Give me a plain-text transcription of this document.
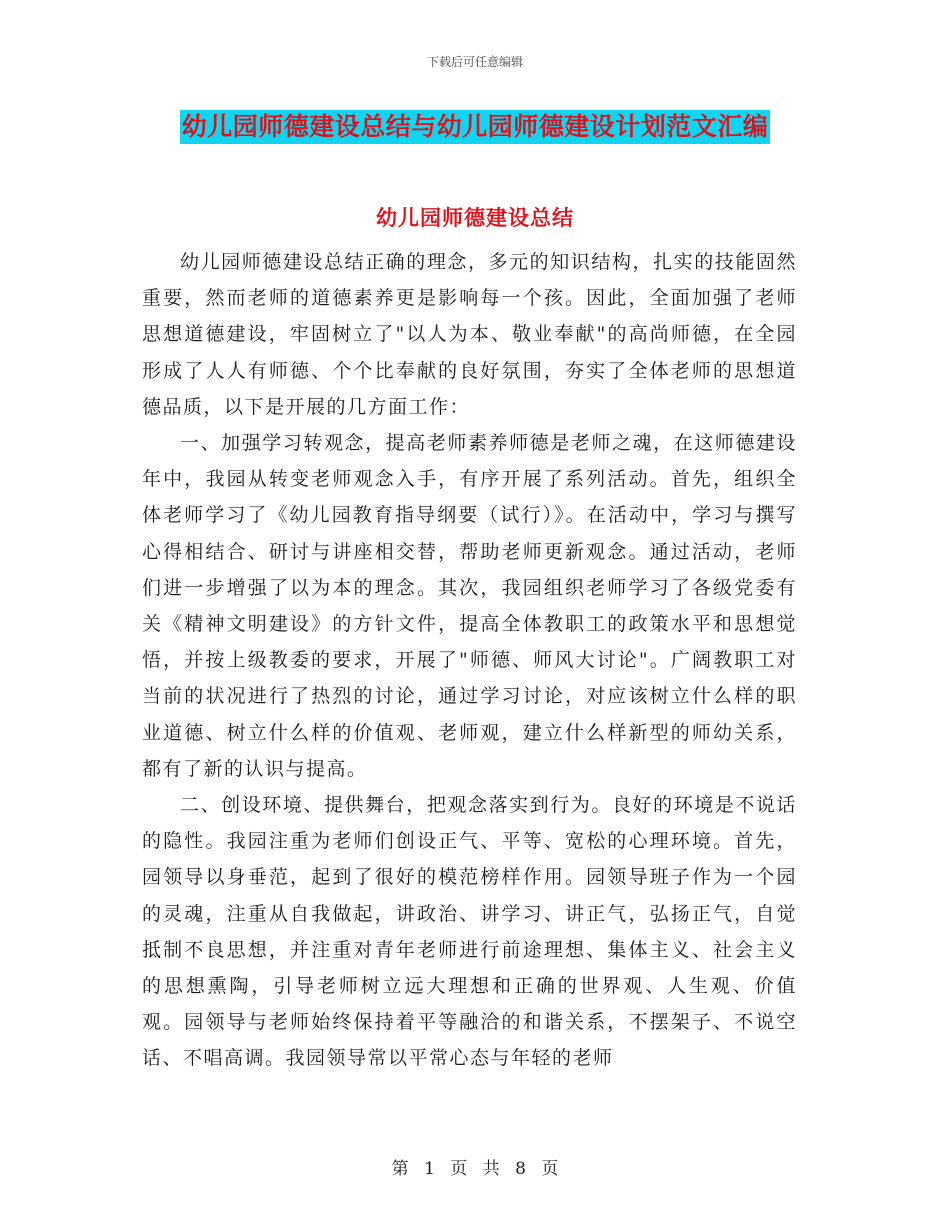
下载后可任意编辑
幼儿园师德建设总结与幼儿园师德建设计划范文汇编
幼儿园师德建设总结

幼儿园师德建设总结正确的理念，多元的知识结构，扎实的技能固然重要，然而老师的道德素养更是影响每一个孩。因此，全面加强了老师思想道德建设，牢固树立了"以人为本、敬业奉献"的高尚师德，在全园形成了人人有师德、个个比奉献的良好氛围，夯实了全体老师的思想道德品质，以下是开展的几方面工作：

一、加强学习转观念，提高老师素养师德是老师之魂，在这师德建设年中，我园从转变老师观念入手，有序开展了系列活动。首先，组织全体老师学习了《幼儿园教育指导纲要（试行）》。在活动中，学习与撰写心得相结合、研讨与讲座相交替，帮助老师更新观念。通过活动，老师们进一步增强了以为本的理念。其次，我园组织老师学习了各级党委有关《精神文明建设》的方针文件，提高全体教职工的政策水平和思想觉悟，并按上级教委的要求，开展了"师德、师风大讨论"。广阔教职工对当前的状况进行了热烈的讨论，通过学习讨论，对应该树立什么样的职业道德、树立什么样的价值观、老师观，建立什么样新型的师幼关系，都有了新的认识与提高。

二、创设环境、提供舞台，把观念落实到行为。良好的环境是不说话的隐性。我园注重为老师们创设正气、平等、宽松的心理环境。首先，园领导以身垂范，起到了很好的模范榜样作用。园领导班子作为一个园的灵魂，注重从自我做起，讲政治、讲学习、讲正气，弘扬正气，自觉抵制不良思想，并注重对青年老师进行前途理想、集体主义、社会主义的思想熏陶，引导老师树立远大理想和正确的世界观、人生观、价值观。园领导与老师始终保持着平等融洽的和谐关系，不摆架子、不说空话、不唱高调。我园领导常以平常心态与年轻的老师

第 1 页 共 8 页
